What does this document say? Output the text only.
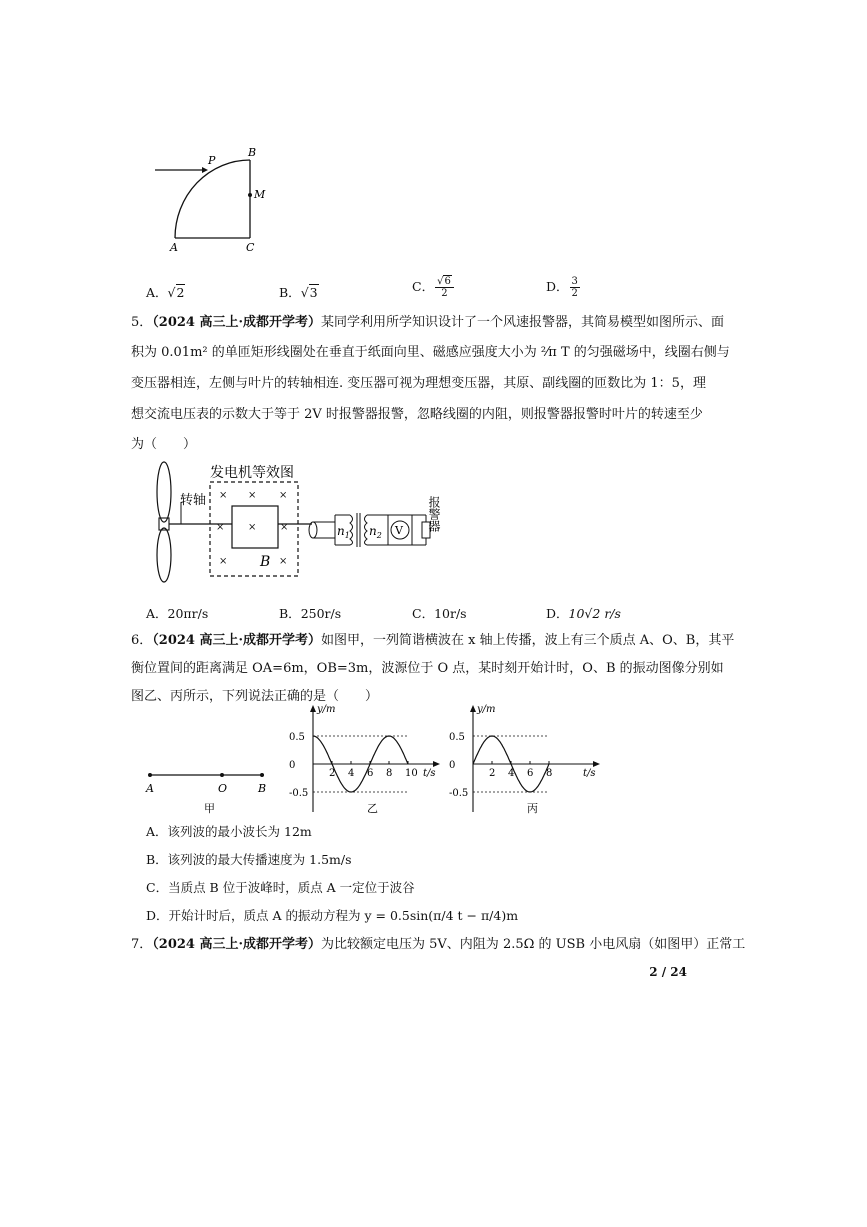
P
B
M
A	C
A．√2	B．√3	C． $\frac{√6}{2}$	D． $\frac{3}{2}$
5．（2024 高三上·成都开学考）某同学利用所学知识设计了一个风速报警器，其简易模型如图所示、面
积为 0.01m² 的单匝矩形线圈处在垂直于纸面向里、磁感应强度大小为 ²⁄π T 的匀强磁场中，线圈右侧与
变压器相连，左侧与叶片的转轴相连. 变压器可视为理想变压器，其原、副线圈的匝数比为 1：5，理
想交流电压表的示数大于等于 2V 时报警器报警，忽略线圈的内阻，则报警器报警时叶片的转速至少
为（　　）
转轴
发电机等效图
× × ×
× × ×
×	×
B
$n_1$ $n_2$ V 报警器
A．20πr/s	B．250r/s	C．10r/s	D．10√2 r/s
6．（2024 高三上·成都开学考）如图甲，一列简谐横波在 x 轴上传播，波上有三个质点 A、O、B，其平
衡位置间的距离满足 OA=6m，OB=3m，波源位于 O 点，某时刻开始计时，O、B 的振动图像分别如
图乙、丙所示，下列说法正确的是（　　）
A	O	B
甲
y/m
t/s
0.5
0
-0.5
2 4 6 8 10
乙
y/m
t/s
0.5
0
-0.5
2 4 6 8
丙
A．该列波的最小波长为 12m
B．该列波的最大传播速度为 1.5m/s
C．当质点 B 位于波峰时，质点 A 一定位于波谷
D．开始计时后，质点 A 的振动方程为 y = 0.5sin(π/4 t − π/4)m
7．（2024 高三上·成都开学考）为比较额定电压为 5V、内阻为 2.5Ω 的 USB 小电风扇（如图甲）正常工
2 / 24
